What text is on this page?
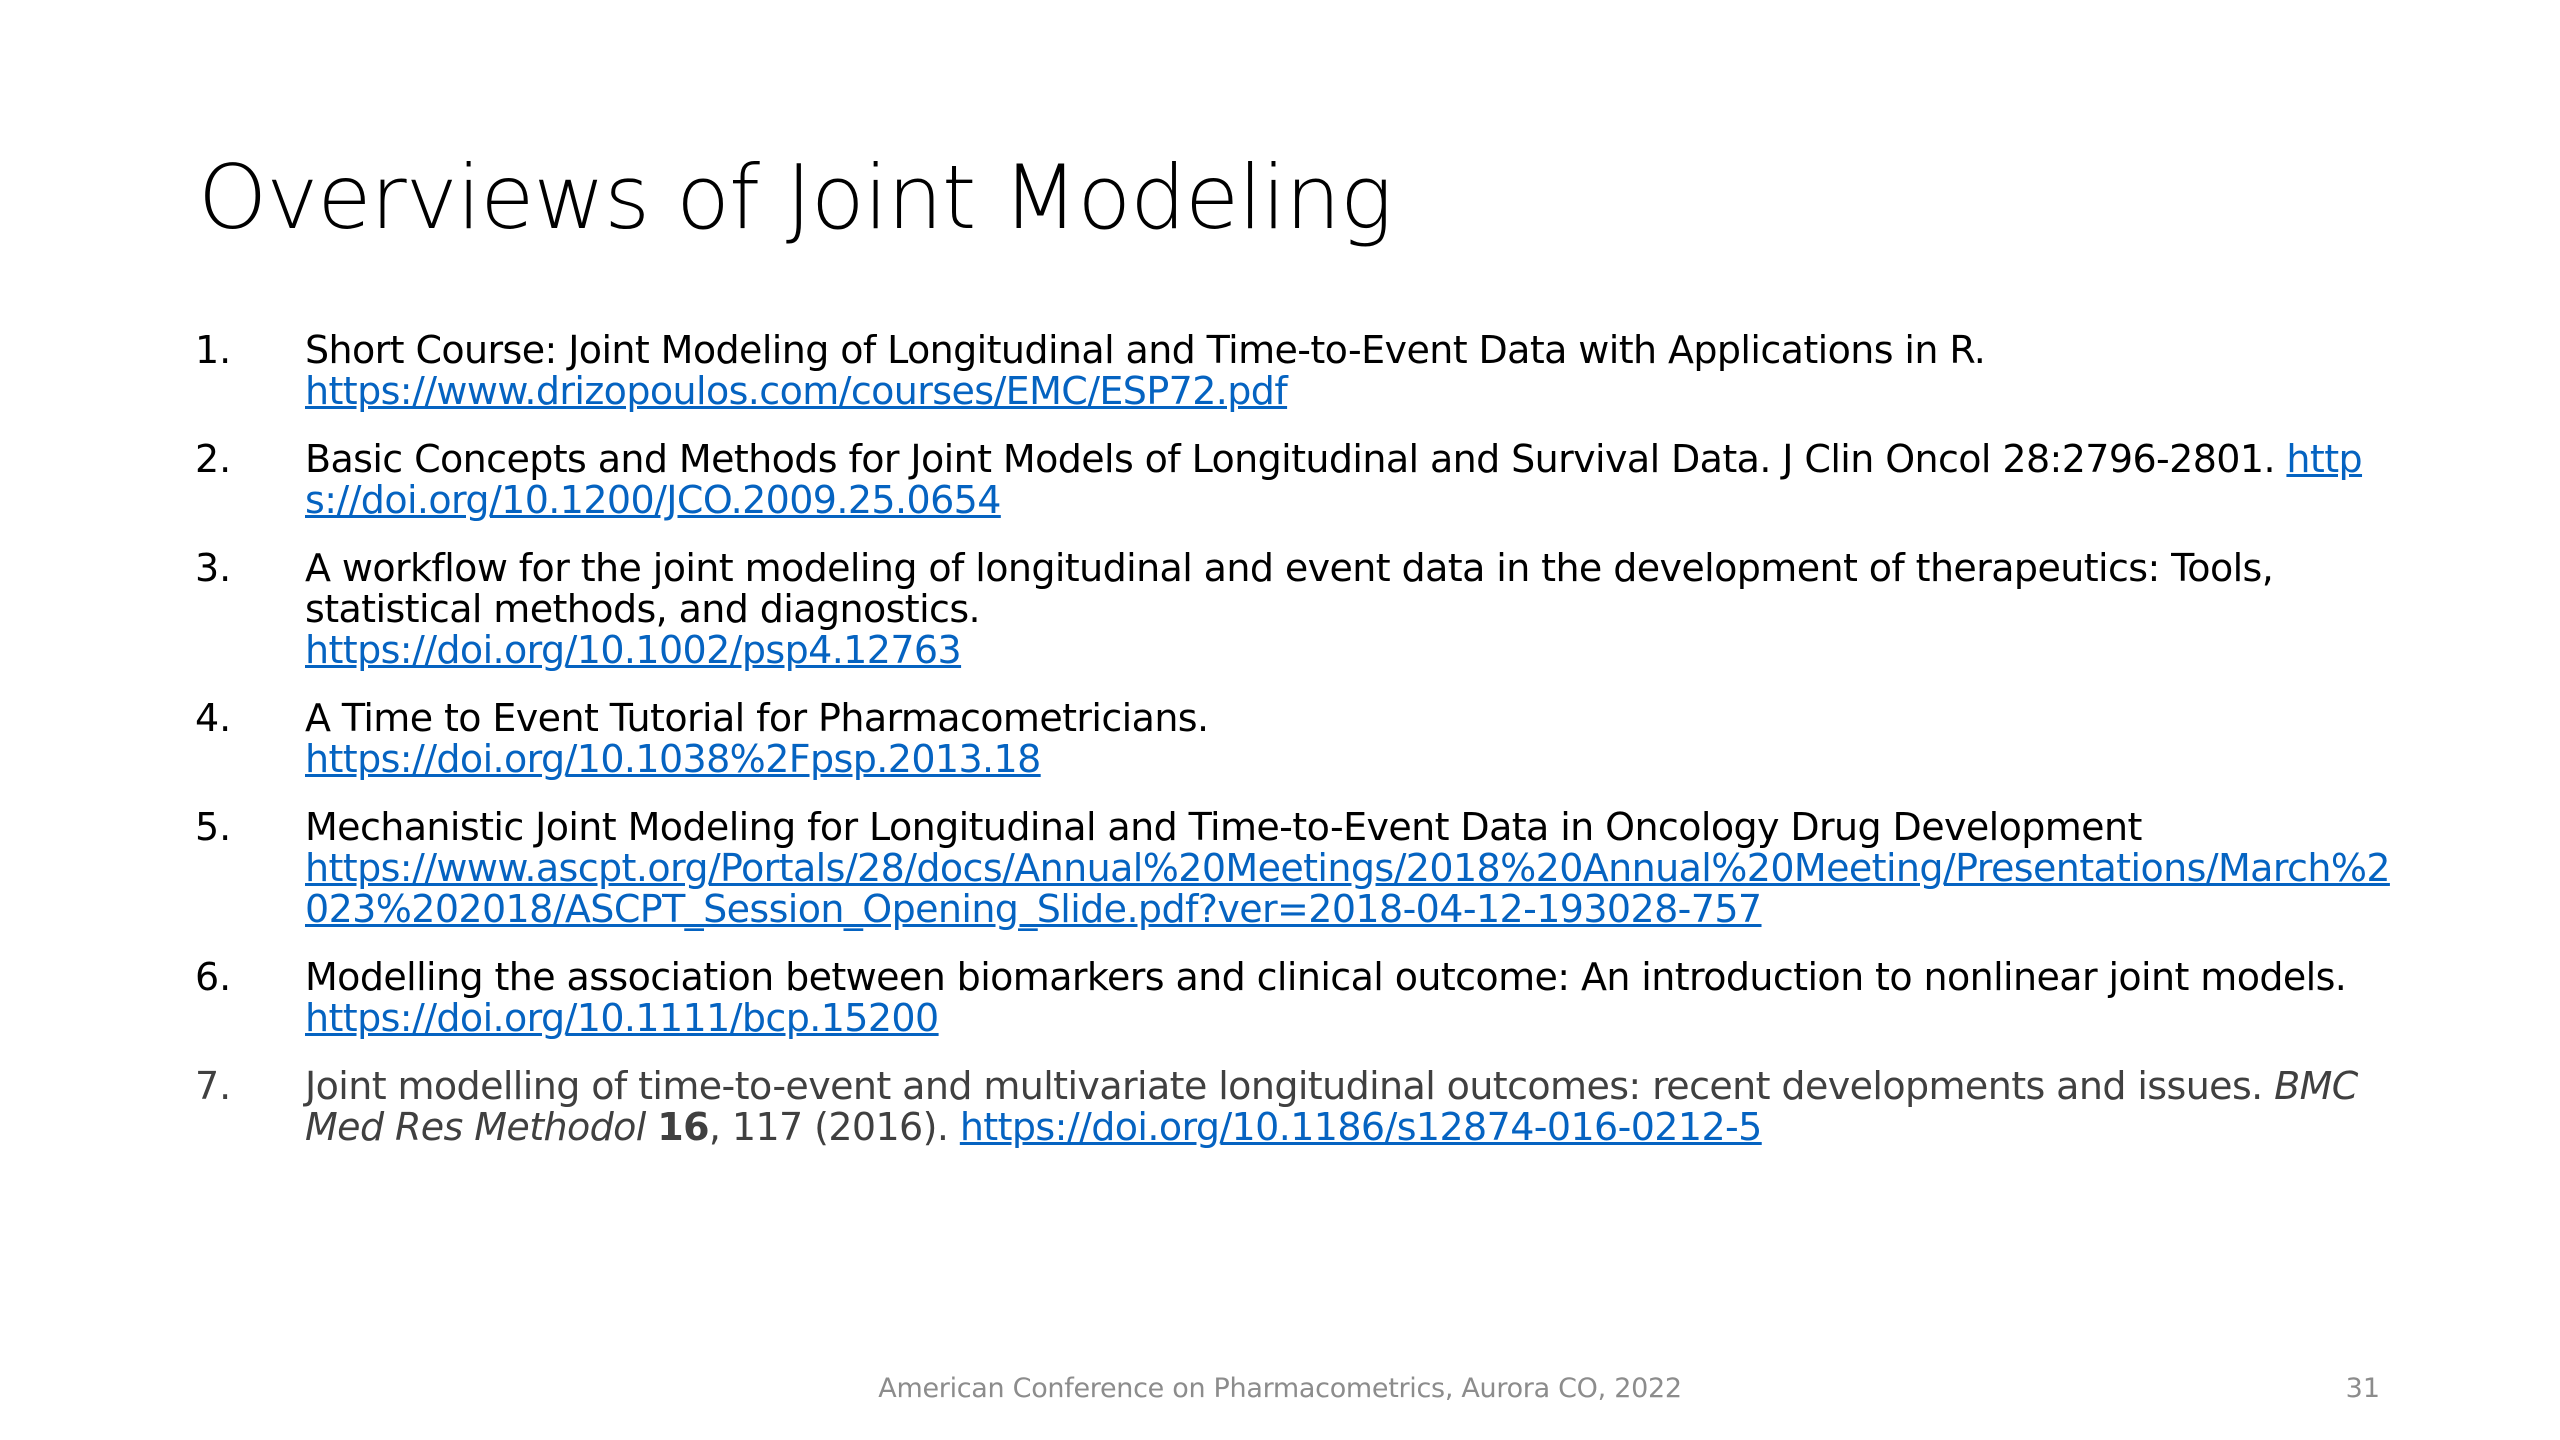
Overviews of Joint Modeling
1.	Short Course: Joint Modeling of Longitudinal and Time-to-Event Data with Applications in R.
https://www.drizopoulos.com/courses/EMC/ESP72.pdf
2.	Basic Concepts and Methods for Joint Models of Longitudinal and Survival Data. J Clin Oncol 28:2796-2801. https://doi.org/10.1200/JCO.2009.25.0654
3.	A workflow for the joint modeling of longitudinal and event data in the development of therapeutics: Tools, statistical methods, and diagnostics.
https://doi.org/10.1002/psp4.12763
4.	A Time to Event Tutorial for Pharmacometricians.
https://doi.org/10.1038%2Fpsp.2013.18
5.	Mechanistic Joint Modeling for Longitudinal and Time-to-Event Data in Oncology Drug Development
https://www.ascpt.org/Portals/28/docs/Annual%20Meetings/2018%20Annual%20Meeting/Presentations/March%2023%202018/ASCPT_Session_Opening_Slide.pdf?ver=2018-04-12-193028-757
6.	Modelling the association between biomarkers and clinical outcome: An introduction to nonlinear joint models.
https://doi.org/10.1111/bcp.15200
7.	Joint modelling of time-to-event and multivariate longitudinal outcomes: recent developments and issues. BMC Med Res Methodol 16, 117 (2016). https://doi.org/10.1186/s12874-016-0212-5
American Conference on Pharmacometrics, Aurora CO, 2022	31
